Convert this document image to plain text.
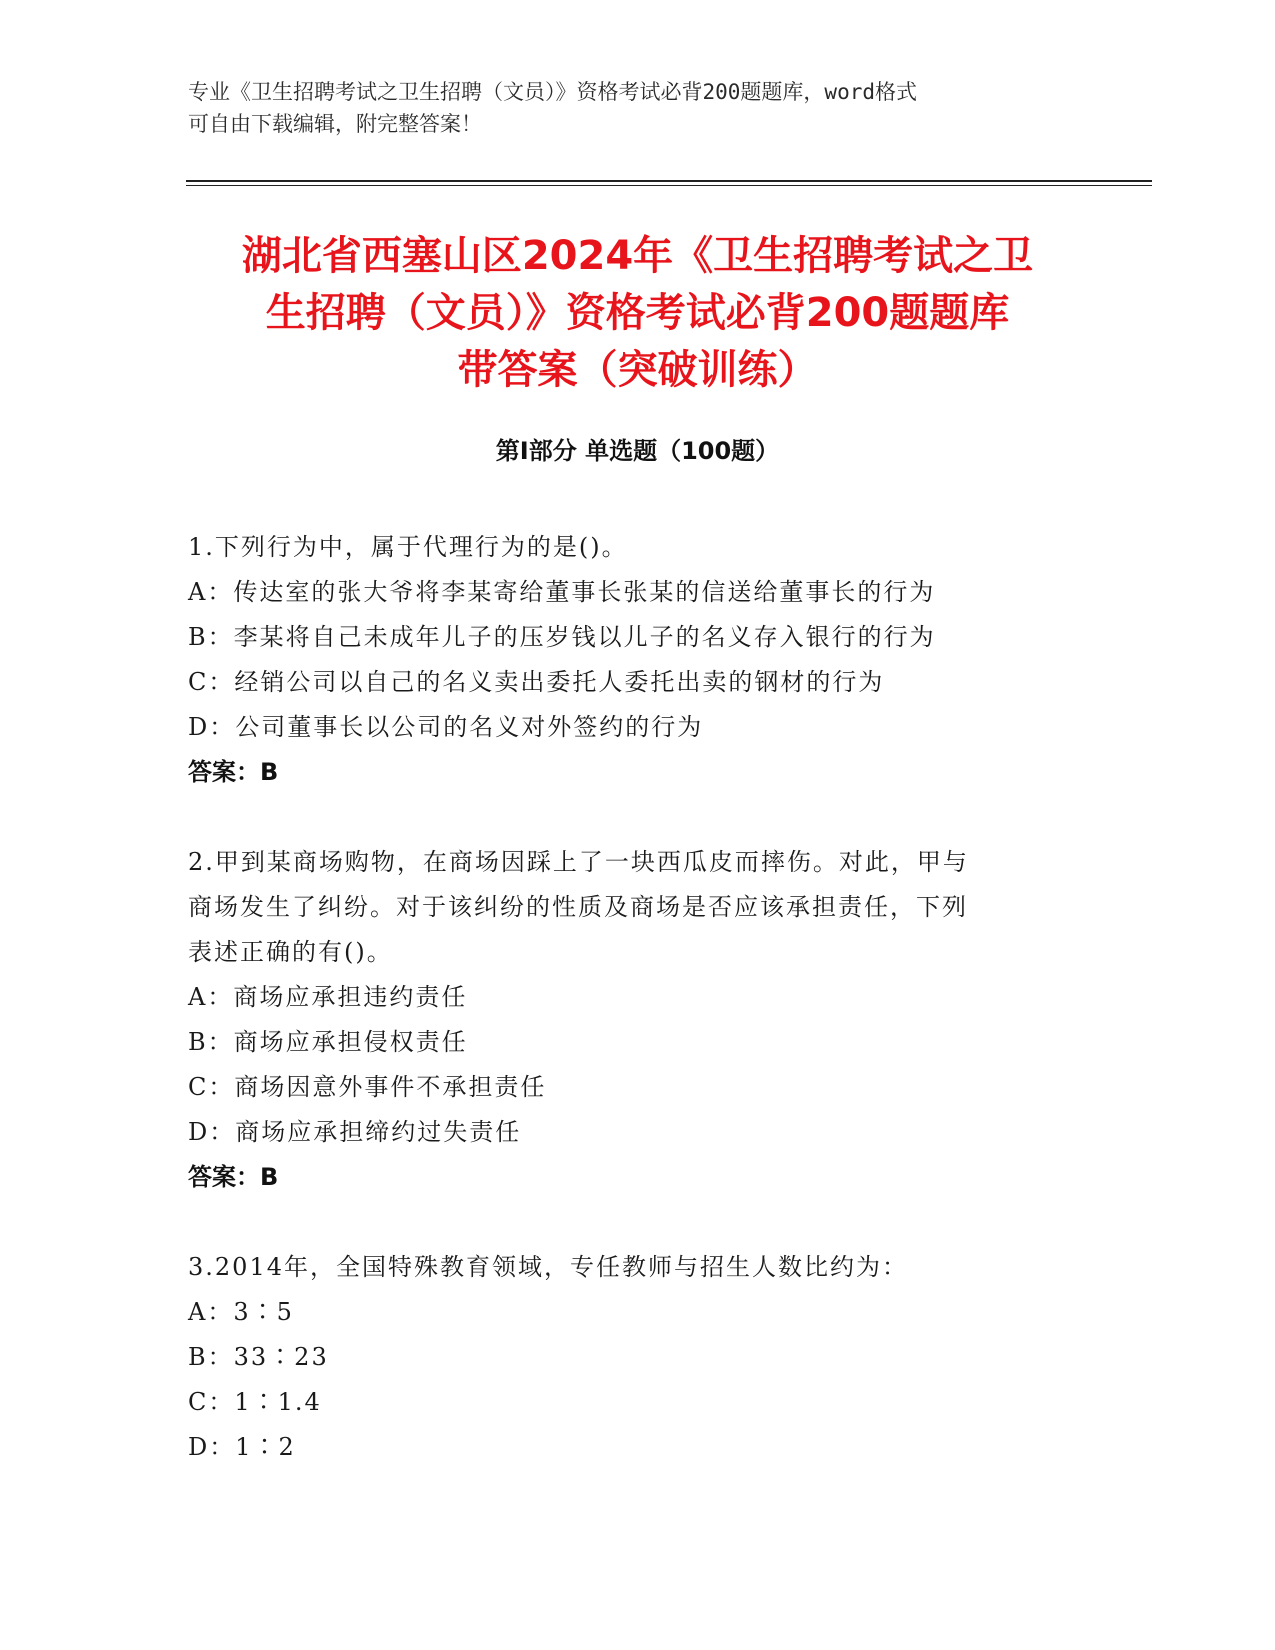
专业《卫生招聘考试之卫生招聘（文员）》资格考试必背200题题库，word格式
可自由下载编辑，附完整答案！
湖北省西塞山区2024年《卫生招聘考试之卫
生招聘（文员）》资格考试必背200题题库
带答案（突破训练）
第Ⅰ部分 单选题（100题）
1.下列行为中，属于代理行为的是()。
A：传达室的张大爷将李某寄给董事长张某的信送给董事长的行为
B：李某将自己未成年儿子的压岁钱以儿子的名义存入银行的行为
C：经销公司以自己的名义卖出委托人委托出卖的钢材的行为
D：公司董事长以公司的名义对外签约的行为
答案：B
2.甲到某商场购物，在商场因踩上了一块西瓜皮而摔伤。对此，甲与
商场发生了纠纷。对于该纠纷的性质及商场是否应该承担责任，下列
表述正确的有()。
A：商场应承担违约责任
B：商场应承担侵权责任
C：商场因意外事件不承担责任
D：商场应承担缔约过失责任
答案：B
3.2014年，全国特殊教育领域，专任教师与招生人数比约为：
A：3∶5
B：33∶23
C：1∶1.4
D：1∶2
